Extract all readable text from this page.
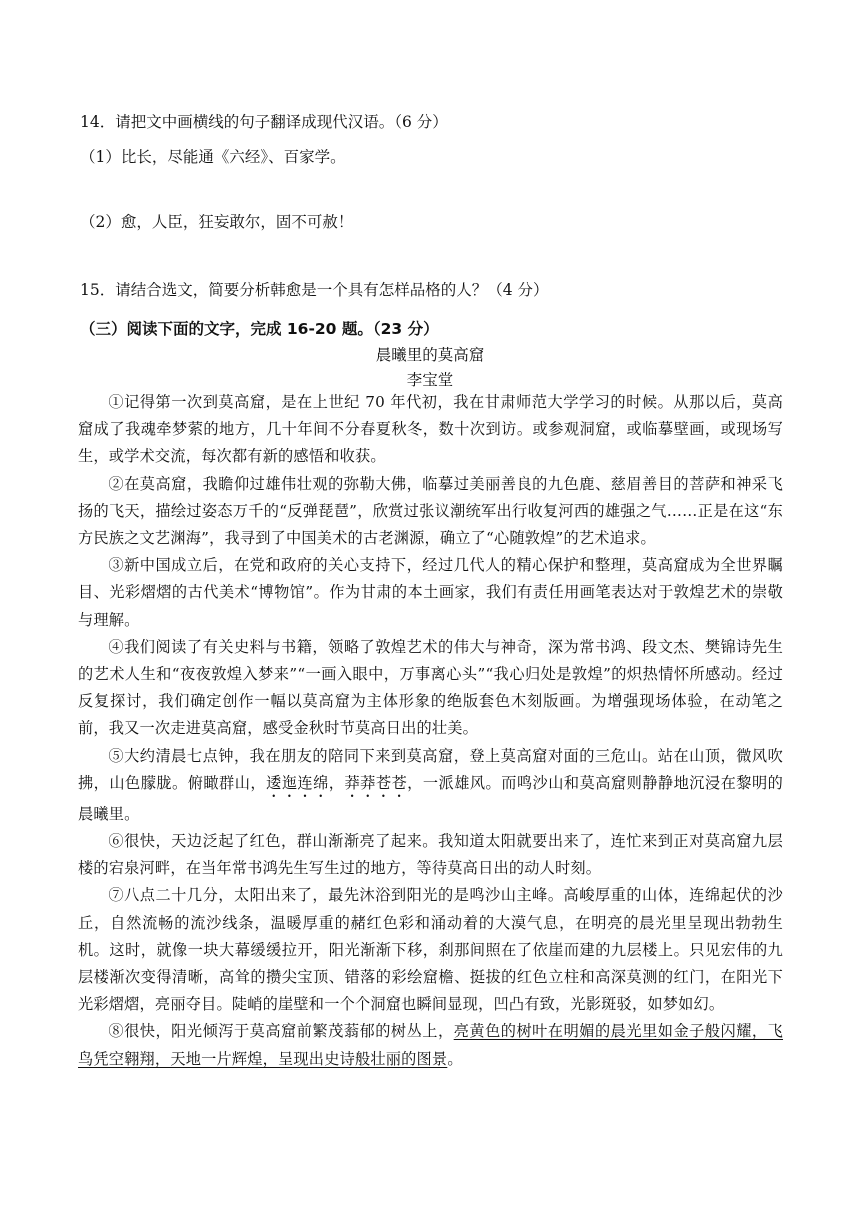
14．请把文中画横线的句子翻译成现代汉语。（6 分）
（1）比长，尽能通《六经》、百家学。
（2）愈，人臣，狂妄敢尔，固不可赦！
15．请结合选文，简要分析韩愈是一个具有怎样品格的人？（4 分）
（三）阅读下面的文字，完成 16-20 题。（23 分）
晨曦里的莫高窟
李宝堂

①记得第一次到莫高窟，是在上世纪 70 年代初，我在甘肃师范大学学习的时候。从那以后，莫高窟成了我魂牵梦萦的地方，几十年间不分春夏秋冬，数十次到访。或参观洞窟，或临摹壁画，或现场写生，或学术交流，每次都有新的感悟和收获。

②在莫高窟，我瞻仰过雄伟壮观的弥勒大佛，临摹过美丽善良的九色鹿、慈眉善目的菩萨和神采飞扬的飞天，描绘过姿态万千的“反弹琵琶”，欣赏过张议潮统军出行收复河西的雄强之气……正是在这“东方民族之文艺渊海”，我寻到了中国美术的古老渊源，确立了“心随敦煌”的艺术追求。

③新中国成立后，在党和政府的关心支持下，经过几代人的精心保护和整理，莫高窟成为全世界瞩目、光彩熠熠的古代美术“博物馆”。作为甘肃的本土画家，我们有责任用画笔表达对于敦煌艺术的崇敬与理解。

④我们阅读了有关史料与书籍，领略了敦煌艺术的伟大与神奇，深为常书鸿、段文杰、樊锦诗先生的艺术人生和“夜夜敦煌入梦来”“一画入眼中，万事离心头”“我心归处是敦煌”的炽热情怀所感动。经过反复探讨，我们确定创作一幅以莫高窟为主体形象的绝版套色木刻版画。为增强现场体验，在动笔之前，我又一次走进莫高窟，感受金秋时节莫高日出的壮美。

⑤大约清晨七点钟，我在朋友的陪同下来到莫高窟，登上莫高窟对面的三危山。站在山顶，微风吹拂，山色朦胧。俯瞰群山，逶迤连绵，莽莽苍苍，一派雄风。而鸣沙山和莫高窟则静静地沉浸在黎明的晨曦里。

⑥很快，天边泛起了红色，群山渐渐亮了起来。我知道太阳就要出来了，连忙来到正对莫高窟九层楼的宕泉河畔，在当年常书鸿先生写生过的地方，等待莫高日出的动人时刻。

⑦八点二十几分，太阳出来了，最先沐浴到阳光的是鸣沙山主峰。高峻厚重的山体，连绵起伏的沙丘，自然流畅的流沙线条，温暖厚重的赭红色彩和涌动着的大漠气息，在明亮的晨光里呈现出勃勃生机。这时，就像一块大幕缓缓拉开，阳光渐渐下移，刹那间照在了依崖而建的九层楼上。只见宏伟的九层楼渐次变得清晰，高耸的攒尖宝顶、错落的彩绘窟檐、挺拔的红色立柱和高深莫测的红门，在阳光下光彩熠熠，亮丽夺目。陡峭的崖壁和一个个洞窟也瞬间显现，凹凸有致，光影斑驳，如梦如幻。

⑧很快，阳光倾泻于莫高窟前繁茂蓊郁的树丛上，亮黄色的树叶在明媚的晨光里如金子般闪耀，飞鸟凭空翱翔，天地一片辉煌，呈现出史诗般壮丽的图景。
